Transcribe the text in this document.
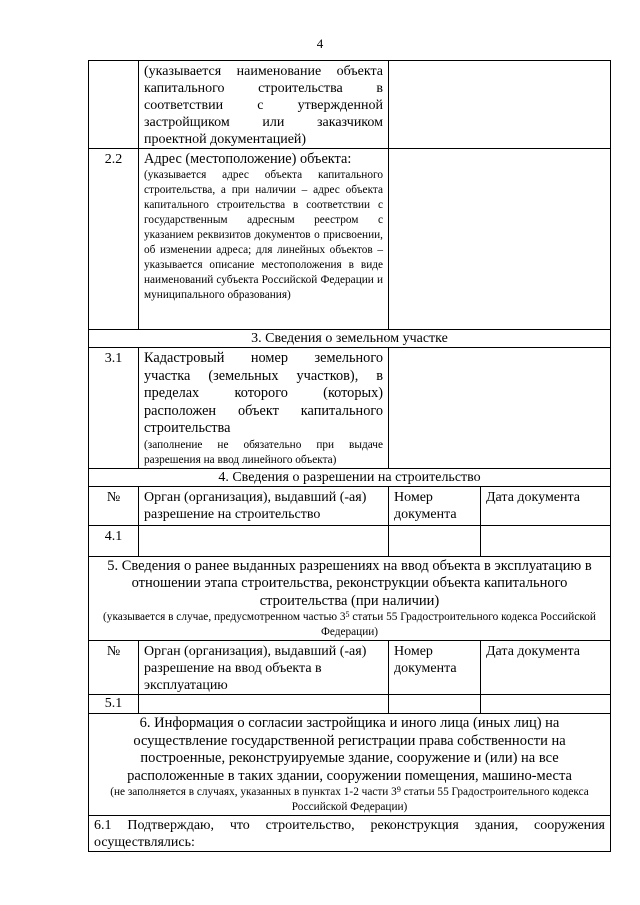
4
	(указывается наименование объекта капитального строительства в соответствии с утвержденной застройщиком или заказчиком проектной документацией)		
2.2	Адрес (местоположение) объекта:
(указывается адрес объекта капитального строительства, а при наличии – адрес объекта капитального строительства в соответствии с государственным адресным реестром с указанием реквизитов документов о присвоении, об изменении адреса; для линейных объектов – указывается описание местоположения в виде наименований субъекта Российской Федерации и муниципального образования)		

3. Сведения о земельном участке			
3.1	Кадастровый номер земельного участка (земельных участков), в пределах которого (которых) расположен объект капитального строительства
(заполнение не обязательно при выдаче разрешения на ввод линейного объекта)		

4. Сведения о разрешении на строительство			
№	Орган (организация), выдавший (-ая) разрешение на строительство	Номер документа	Дата документа
4.1			

5. Сведения о ранее выданных разрешениях на ввод объекта в эксплуатацию в отношении этапа строительства, реконструкции объекта капитального строительства (при наличии)
(указывается в случае, предусмотренном частью $3^5$ статьи 55 Градостроительного кодекса Российской Федерации)			

№	Орган (организация), выдавший (-ая) разрешение на ввод объекта в эксплуатацию	Номер документа	Дата документа
5.1			

6. Информация о согласии застройщика и иного лица (иных лиц) на осуществление государственной регистрации права собственности на построенные, реконструируемые здание, сооружение и (или) на все расположенные в таких здании, сооружении помещения, машино-места
(не заполняется в случаях, указанных в пунктах 1-2 части $3^9$ статьи 55 Градостроительного кодекса Российской Федерации)			

6.1 Подтверждаю, что строительство, реконструкция здания, сооружения осуществлялись:			
